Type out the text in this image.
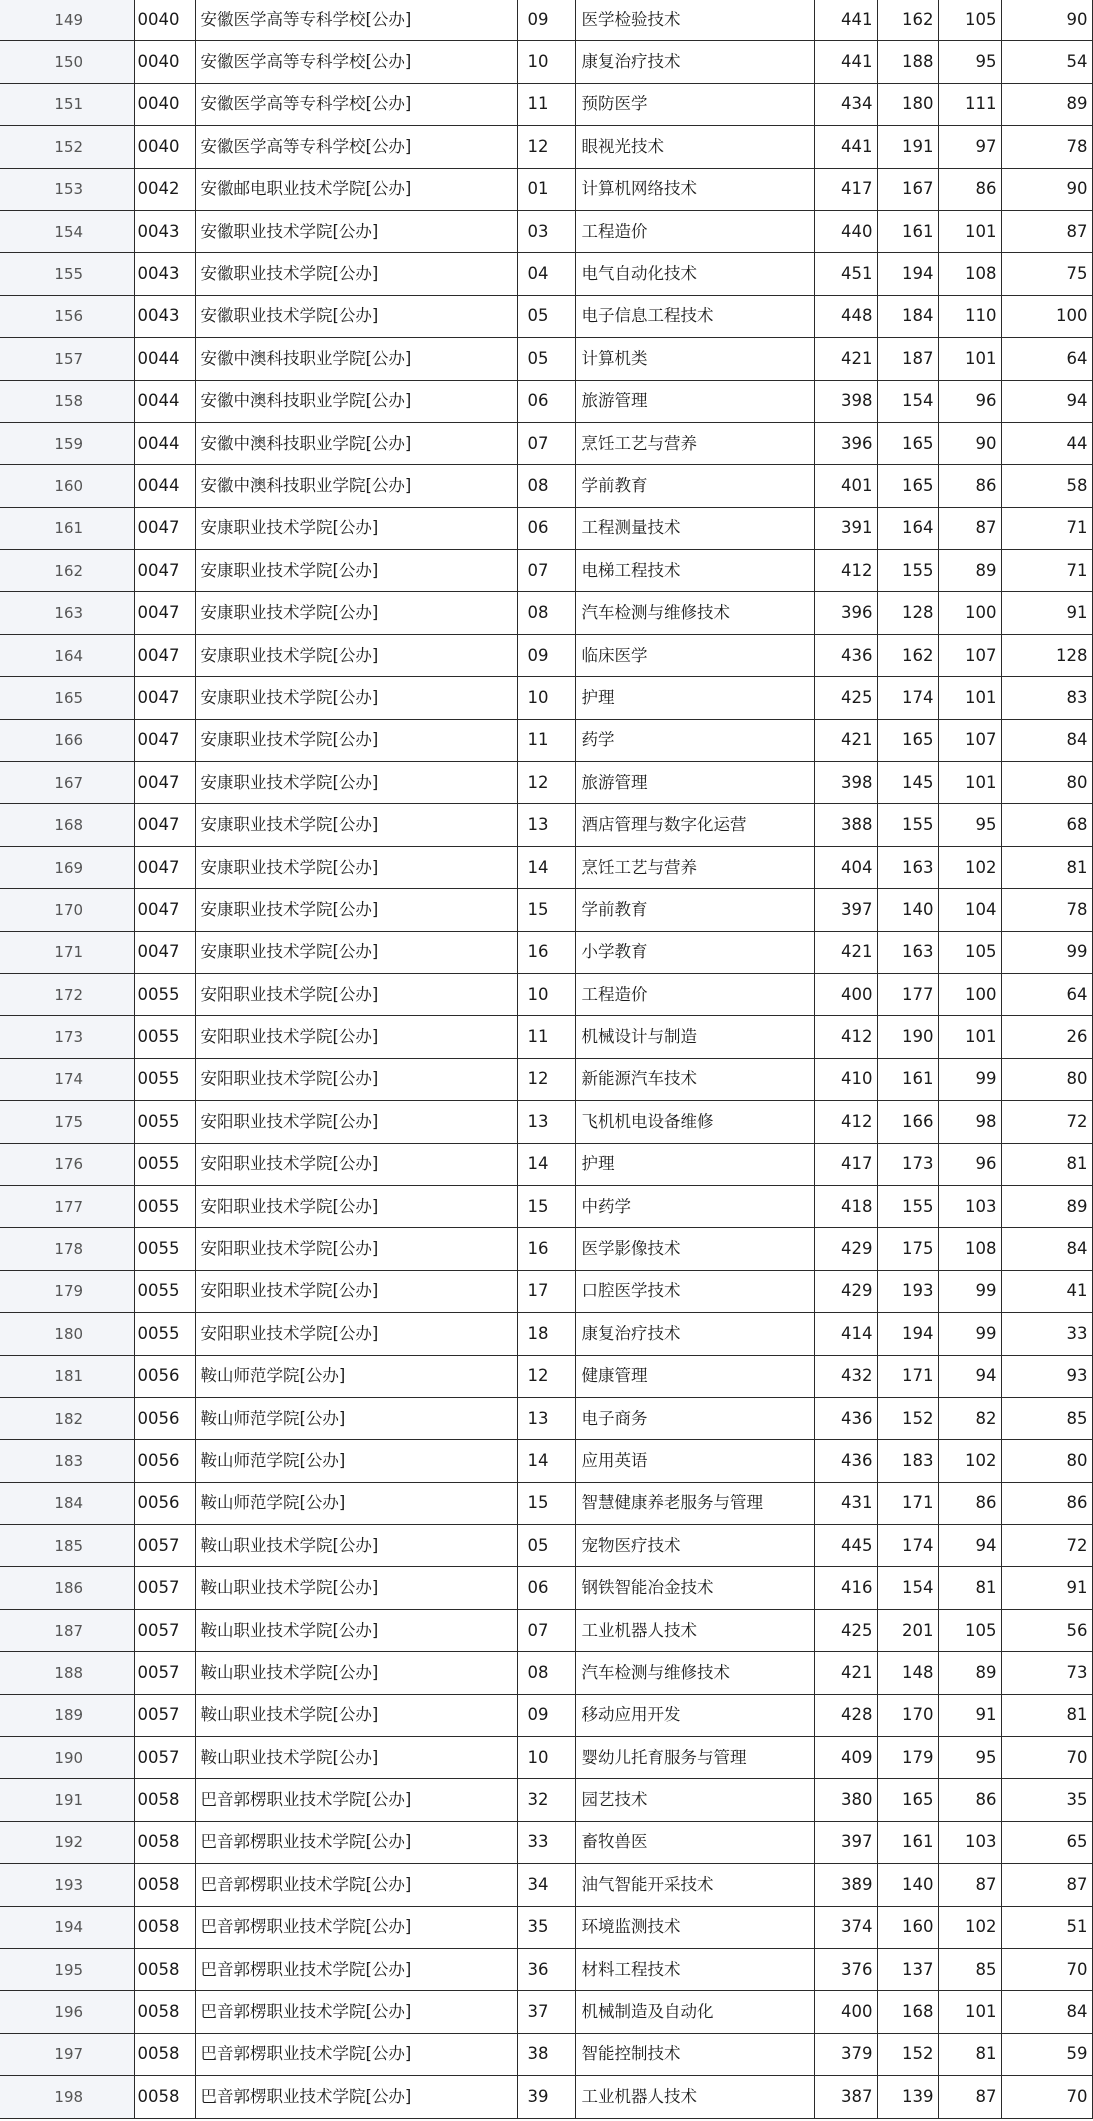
149	0040	安徽医学高等专科学校[公办]	09	医学检验技术	441	162	105	90
150	0040	安徽医学高等专科学校[公办]	10	康复治疗技术	441	188	95	54
151	0040	安徽医学高等专科学校[公办]	11	预防医学	434	180	111	89
152	0040	安徽医学高等专科学校[公办]	12	眼视光技术	441	191	97	78
153	0042	安徽邮电职业技术学院[公办]	01	计算机网络技术	417	167	86	90
154	0043	安徽职业技术学院[公办]	03	工程造价	440	161	101	87
155	0043	安徽职业技术学院[公办]	04	电气自动化技术	451	194	108	75
156	0043	安徽职业技术学院[公办]	05	电子信息工程技术	448	184	110	100
157	0044	安徽中澳科技职业学院[公办]	05	计算机类	421	187	101	64
158	0044	安徽中澳科技职业学院[公办]	06	旅游管理	398	154	96	94
159	0044	安徽中澳科技职业学院[公办]	07	烹饪工艺与营养	396	165	90	44
160	0044	安徽中澳科技职业学院[公办]	08	学前教育	401	165	86	58
161	0047	安康职业技术学院[公办]	06	工程测量技术	391	164	87	71
162	0047	安康职业技术学院[公办]	07	电梯工程技术	412	155	89	71
163	0047	安康职业技术学院[公办]	08	汽车检测与维修技术	396	128	100	91
164	0047	安康职业技术学院[公办]	09	临床医学	436	162	107	128
165	0047	安康职业技术学院[公办]	10	护理	425	174	101	83
166	0047	安康职业技术学院[公办]	11	药学	421	165	107	84
167	0047	安康职业技术学院[公办]	12	旅游管理	398	145	101	80
168	0047	安康职业技术学院[公办]	13	酒店管理与数字化运营	388	155	95	68
169	0047	安康职业技术学院[公办]	14	烹饪工艺与营养	404	163	102	81
170	0047	安康职业技术学院[公办]	15	学前教育	397	140	104	78
171	0047	安康职业技术学院[公办]	16	小学教育	421	163	105	99
172	0055	安阳职业技术学院[公办]	10	工程造价	400	177	100	64
173	0055	安阳职业技术学院[公办]	11	机械设计与制造	412	190	101	26
174	0055	安阳职业技术学院[公办]	12	新能源汽车技术	410	161	99	80
175	0055	安阳职业技术学院[公办]	13	飞机机电设备维修	412	166	98	72
176	0055	安阳职业技术学院[公办]	14	护理	417	173	96	81
177	0055	安阳职业技术学院[公办]	15	中药学	418	155	103	89
178	0055	安阳职业技术学院[公办]	16	医学影像技术	429	175	108	84
179	0055	安阳职业技术学院[公办]	17	口腔医学技术	429	193	99	41
180	0055	安阳职业技术学院[公办]	18	康复治疗技术	414	194	99	33
181	0056	鞍山师范学院[公办]	12	健康管理	432	171	94	93
182	0056	鞍山师范学院[公办]	13	电子商务	436	152	82	85
183	0056	鞍山师范学院[公办]	14	应用英语	436	183	102	80
184	0056	鞍山师范学院[公办]	15	智慧健康养老服务与管理	431	171	86	86
185	0057	鞍山职业技术学院[公办]	05	宠物医疗技术	445	174	94	72
186	0057	鞍山职业技术学院[公办]	06	钢铁智能冶金技术	416	154	81	91
187	0057	鞍山职业技术学院[公办]	07	工业机器人技术	425	201	105	56
188	0057	鞍山职业技术学院[公办]	08	汽车检测与维修技术	421	148	89	73
189	0057	鞍山职业技术学院[公办]	09	移动应用开发	428	170	91	81
190	0057	鞍山职业技术学院[公办]	10	婴幼儿托育服务与管理	409	179	95	70
191	0058	巴音郭楞职业技术学院[公办]	32	园艺技术	380	165	86	35
192	0058	巴音郭楞职业技术学院[公办]	33	畜牧兽医	397	161	103	65
193	0058	巴音郭楞职业技术学院[公办]	34	油气智能开采技术	389	140	87	87
194	0058	巴音郭楞职业技术学院[公办]	35	环境监测技术	374	160	102	51
195	0058	巴音郭楞职业技术学院[公办]	36	材料工程技术	376	137	85	70
196	0058	巴音郭楞职业技术学院[公办]	37	机械制造及自动化	400	168	101	84
197	0058	巴音郭楞职业技术学院[公办]	38	智能控制技术	379	152	81	59
198	0058	巴音郭楞职业技术学院[公办]	39	工业机器人技术	387	139	87	70
